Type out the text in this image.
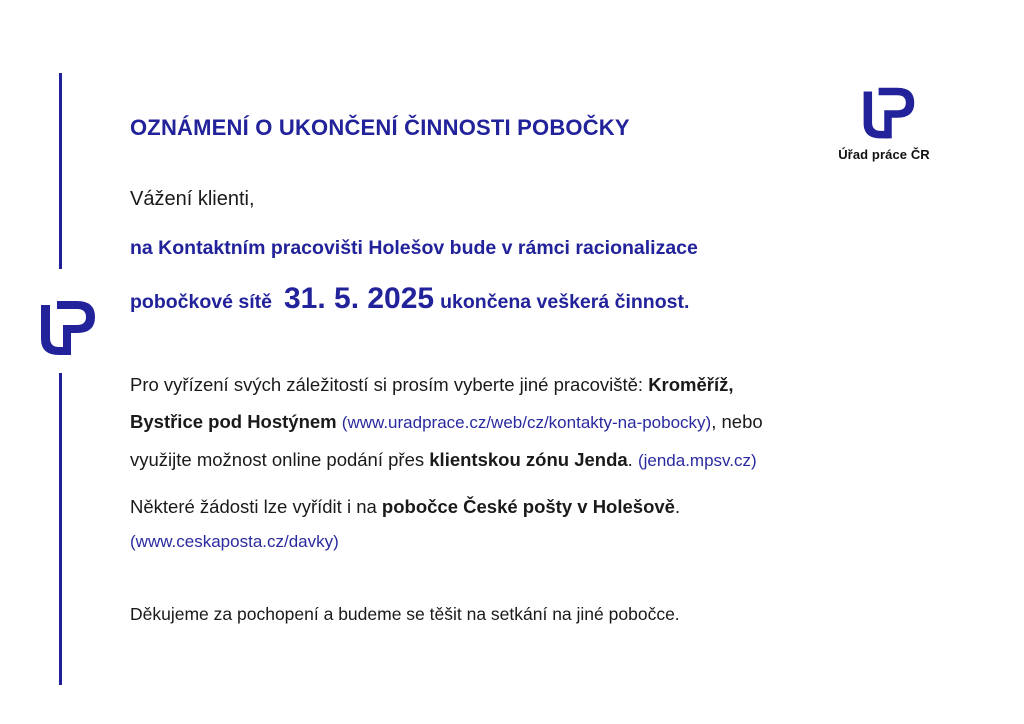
Úřad práce ČR
OZNÁMENÍ O UKONČENÍ ČINNOSTI POBOČKY
Vážení klienti,
na Kontaktním pracovišti Holešov bude v rámci racionalizace
pobočkové sítě 31. 5. 2025 ukončena veškerá činnost.
Pro vyřízení svých záležitostí si prosím vyberte jiné pracoviště: Kroměříž,
Bystřice pod Hostýnem (www.uradprace.cz/web/cz/kontakty-na-pobocky), nebo
využijte možnost online podání přes klientskou zónu Jenda. (jenda.mpsv.cz)
Některé žádosti lze vyřídit i na pobočce České pošty v Holešově.
(www.ceskaposta.cz/davky)
Děkujeme za pochopení a budeme se těšit na setkání na jiné pobočce.
